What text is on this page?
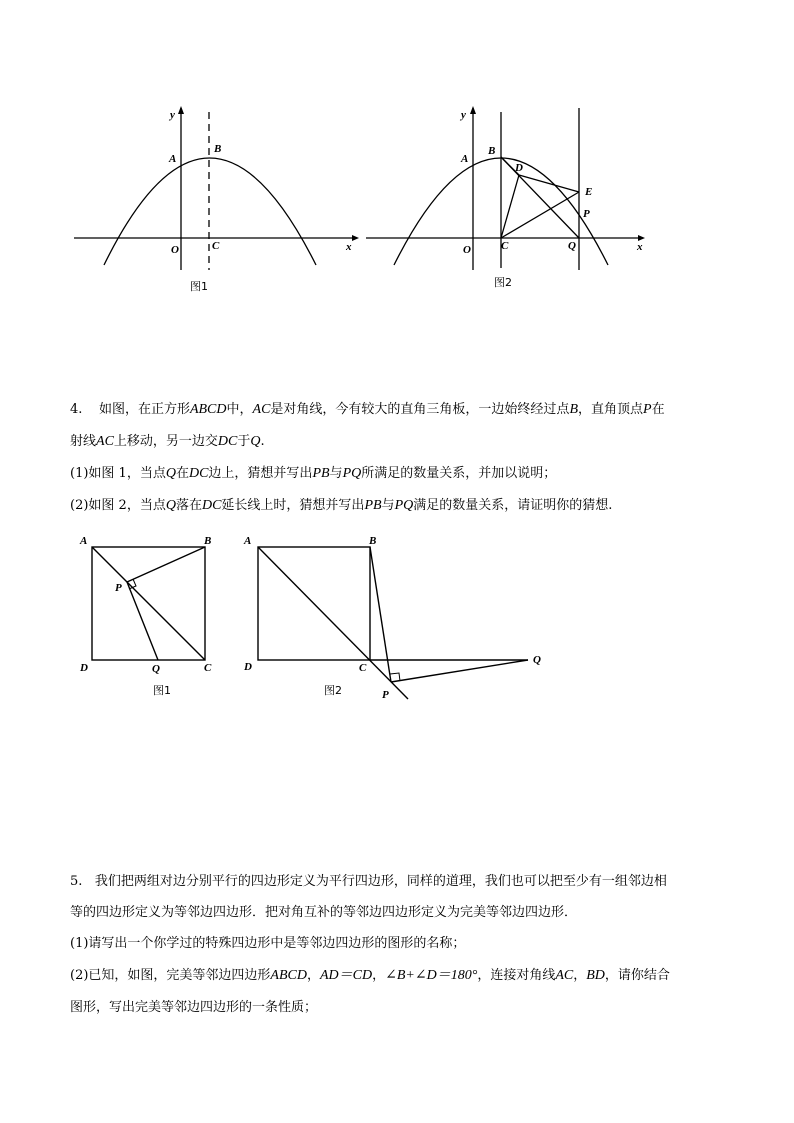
y
x
A
B
O	C
图1
y
x
A
B
D
E
P
O	C	Q
图2
4. 如图，在正方形ABCD中，AC是对角线，今有较大的直角三角板，一边始终经过点B，直角顶点P在
射线AC上移动，另一边交DC于Q.
(1)如图 1，当点Q在DC边上，猜想并写出PB与PQ所满足的数量关系，并加以说明；
(2)如图 2，当点Q落在DC延长线上时，猜想并写出PB与PQ满足的数量关系，请证明你的猜想.
A	B
P
D	Q	C
图1
A	B
D	C
Q
P
图2
5. 我们把两组对边分别平行的四边形定义为平行四边形，同样的道理，我们也可以把至少有一组邻边相
等的四边形定义为等邻边四边形．把对角互补的等邻边四边形定义为完美等邻边四边形．
(1)请写出一个你学过的特殊四边形中是等邻边四边形的图形的名称；
(2)已知，如图，完美等邻边四边形ABCD，AD＝CD，∠B+∠D＝180°，连接对角线AC，BD，请你结合
图形，写出完美等邻边四边形的一条性质；
